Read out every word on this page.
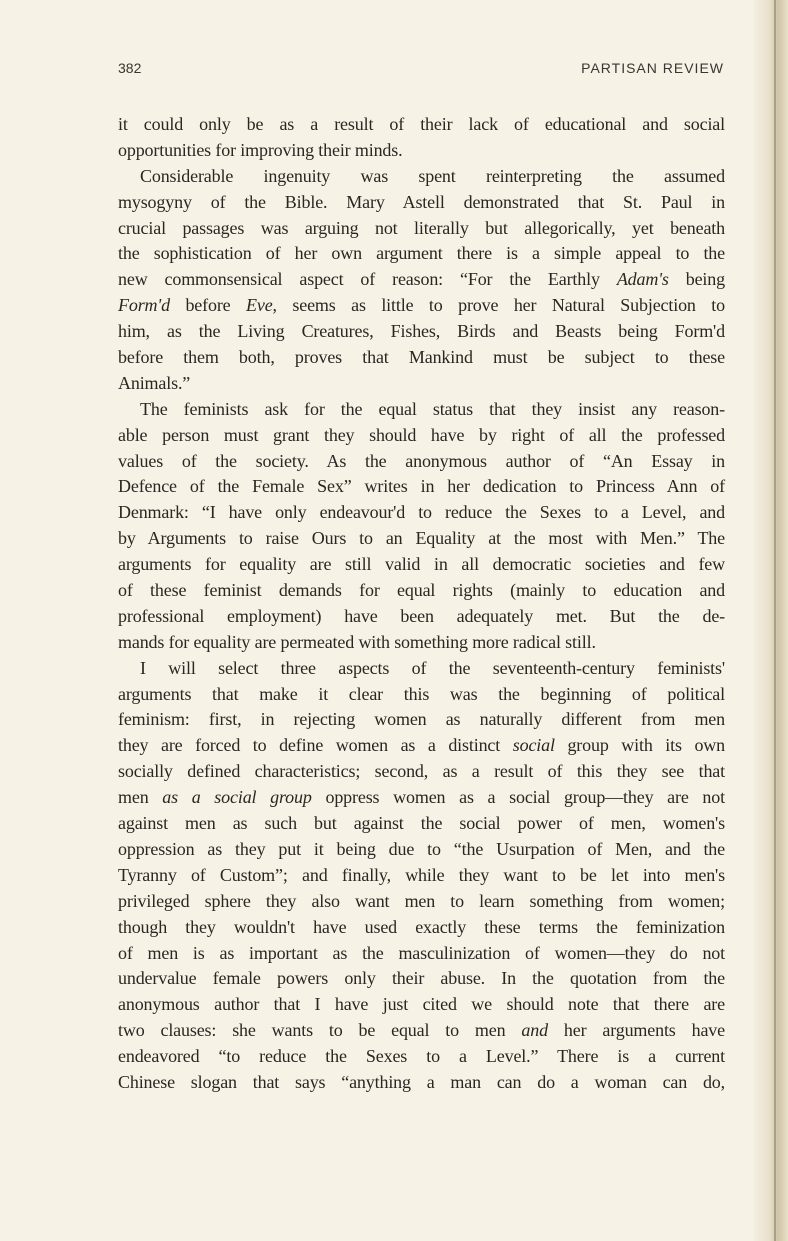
382	PARTISAN REVIEW
it could only be as a result of their lack of educational and social
opportunities for improving their minds.
Considerable ingenuity was spent reinterpreting the assumed
mysogyny of the Bible. Mary Astell demonstrated that St. Paul in
crucial passages was arguing not literally but allegorically, yet beneath
the sophistication of her own argument there is a simple appeal to the
new commonsensical aspect of reason: “For the Earthly Adam's being
Form'd before Eve, seems as little to prove her Natural Subjection to
him, as the Living Creatures, Fishes, Birds and Beasts being Form'd
before them both, proves that Mankind must be subject to these
Animals.”
The feminists ask for the equal status that they insist any reason-
able person must grant they should have by right of all the professed
values of the society. As the anonymous author of “An Essay in
Defence of the Female Sex” writes in her dedication to Princess Ann of
Denmark: “I have only endeavour'd to reduce the Sexes to a Level, and
by Arguments to raise Ours to an Equality at the most with Men.” The
arguments for equality are still valid in all democratic societies and few
of these feminist demands for equal rights (mainly to education and
professional employment) have been adequately met. But the de-
mands for equality are permeated with something more radical still.
I will select three aspects of the seventeenth-century feminists'
arguments that make it clear this was the beginning of political
feminism: first, in rejecting women as naturally different from men
they are forced to define women as a distinct social group with its own
socially defined characteristics; second, as a result of this they see that
men as a social group oppress women as a social group—they are not
against men as such but against the social power of men, women's
oppression as they put it being due to “the Usurpation of Men, and the
Tyranny of Custom”; and finally, while they want to be let into men's
privileged sphere they also want men to learn something from women;
though they wouldn't have used exactly these terms the feminization
of men is as important as the masculinization of women—they do not
undervalue female powers only their abuse. In the quotation from the
anonymous author that I have just cited we should note that there are
two clauses: she wants to be equal to men and her arguments have
endeavored “to reduce the Sexes to a Level.” There is a current
Chinese slogan that says “anything a man can do a woman can do,
